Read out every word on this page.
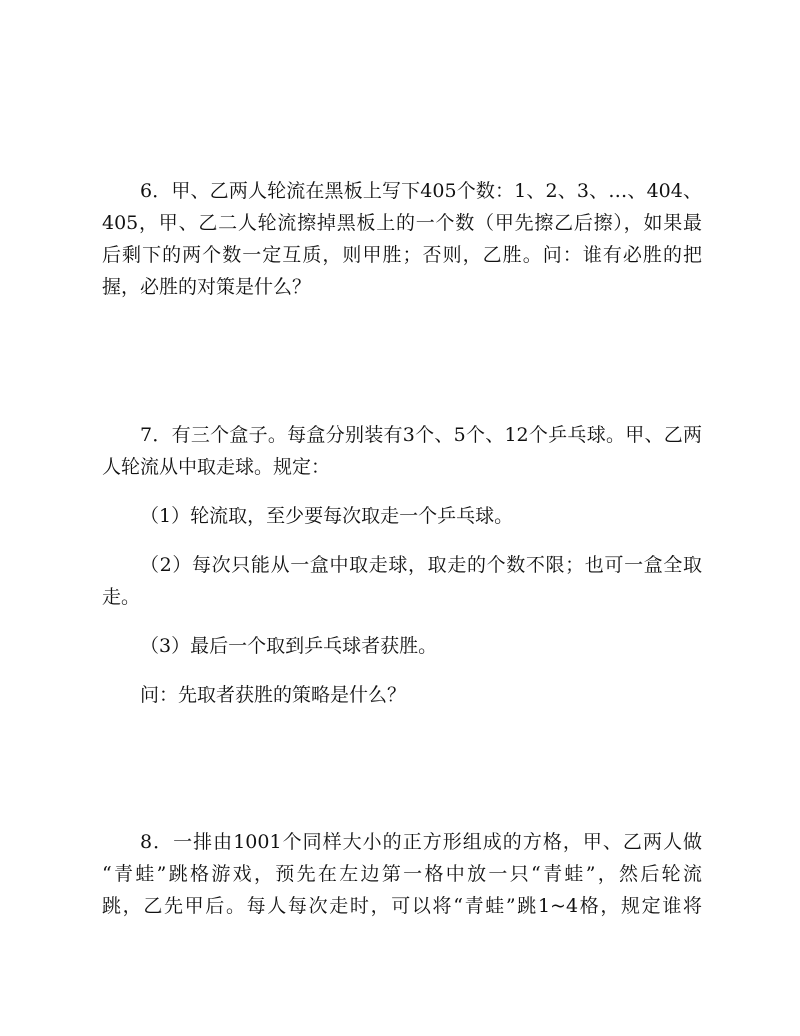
6．甲、乙两人轮流在黑板上写下405个数：1、2、3、…、404、
405，甲、乙二人轮流擦掉黑板上的一个数（甲先擦乙后擦），如果最
后剩下的两个数一定互质，则甲胜；否则，乙胜。问：谁有必胜的把
握，必胜的对策是什么？
7．有三个盒子。每盒分别装有3个、5个、12个乒乓球。甲、乙两
人轮流从中取走球。规定：
（1）轮流取，至少要每次取走一个乒乓球。
（2）每次只能从一盒中取走球，取走的个数不限；也可一盒全取
走。
（3）最后一个取到乒乓球者获胜。
问：先取者获胜的策略是什么？
8．一排由1001个同样大小的正方形组成的方格，甲、乙两人做
“青蛙”跳格游戏，预先在左边第一格中放一只“青蛙”，然后轮流
跳，乙先甲后。每人每次走时，可以将“青蛙”跳1~4格，规定谁将
